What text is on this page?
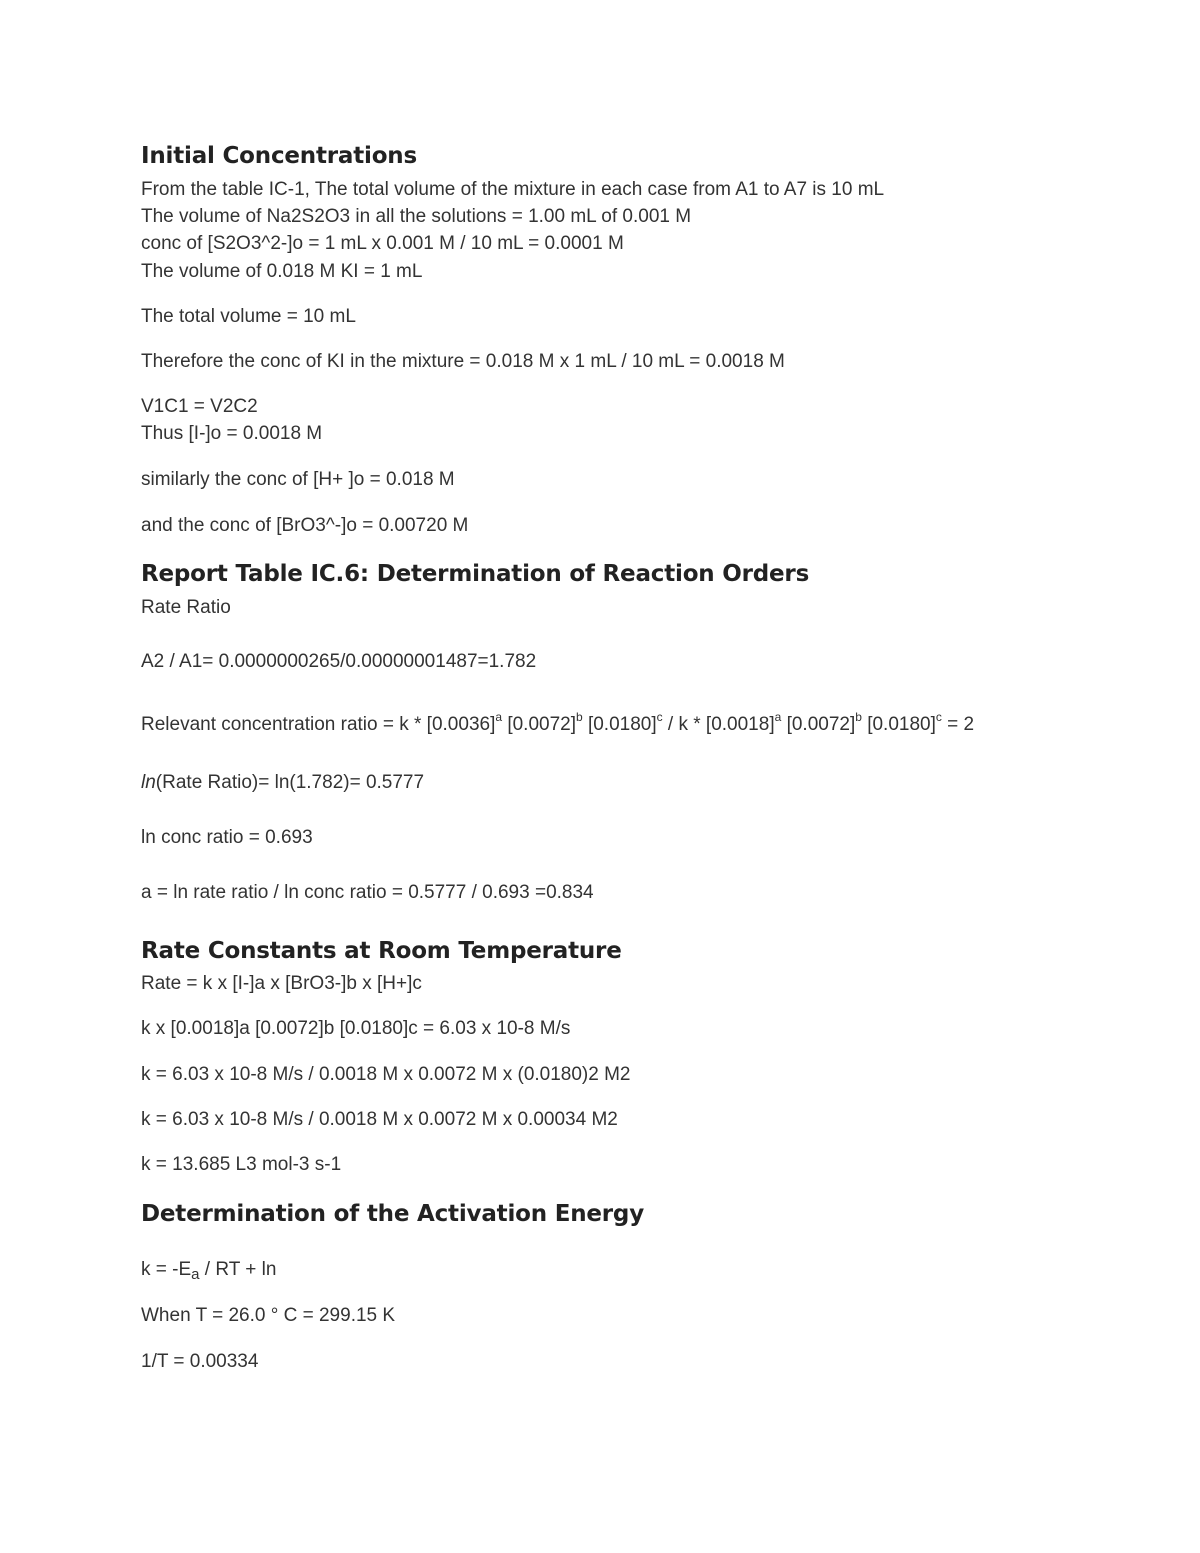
Initial Concentrations
From the table IC-1, The total volume of the mixture in each case from A1 to A7 is 10 mL
The volume of Na2S2O3 in all the solutions = 1.00 mL of 0.001 M
conc of [S2O3^2-]o = 1 mL x 0.001 M / 10 mL = 0.0001 M
The volume of 0.018 M KI = 1 mL
The total volume = 10 mL
Therefore the conc of KI in the mixture = 0.018 M x 1 mL / 10 mL = 0.0018 M
V1C1 = V2C2
Thus [I-]o = 0.0018 M
similarly the conc of [H+ ]o = 0.018 M
and the conc of [BrO3^-]o = 0.00720 M
Report Table IC.6: Determination of Reaction Orders
Rate Ratio
A2 / A1= 0.0000000265/0.00000001487=1.782
Relevant concentration ratio = k * $[0.0036]^a$ $[0.0072]^b$ $[0.0180]^c$ / k * $[0.0018]^a$ $[0.0072]^b$ $[0.0180]^c = 2$
ln(Rate Ratio)= ln(1.782)= 0.5777
ln conc ratio = 0.693
a = ln rate ratio / ln conc ratio = 0.5777 / 0.693 =0.834
Rate Constants at Room Temperature
Rate = k x [I-]a x [BrO3-]b x [H+]c
k x [0.0018]a [0.0072]b [0.0180]c = 6.03 x 10-8 M/s
k = 6.03 x 10-8 M/s / 0.0018 M x 0.0072 M x (0.0180)2 M2
k = 6.03 x 10-8 M/s / 0.0018 M x 0.0072 M x 0.00034 M2
k = 13.685 L3 mol-3 s-1
Determination of the Activation Energy
$k = -E_a$ / RT + ln
When T = 26.0 ° C = 299.15 K
1/T = 0.00334
